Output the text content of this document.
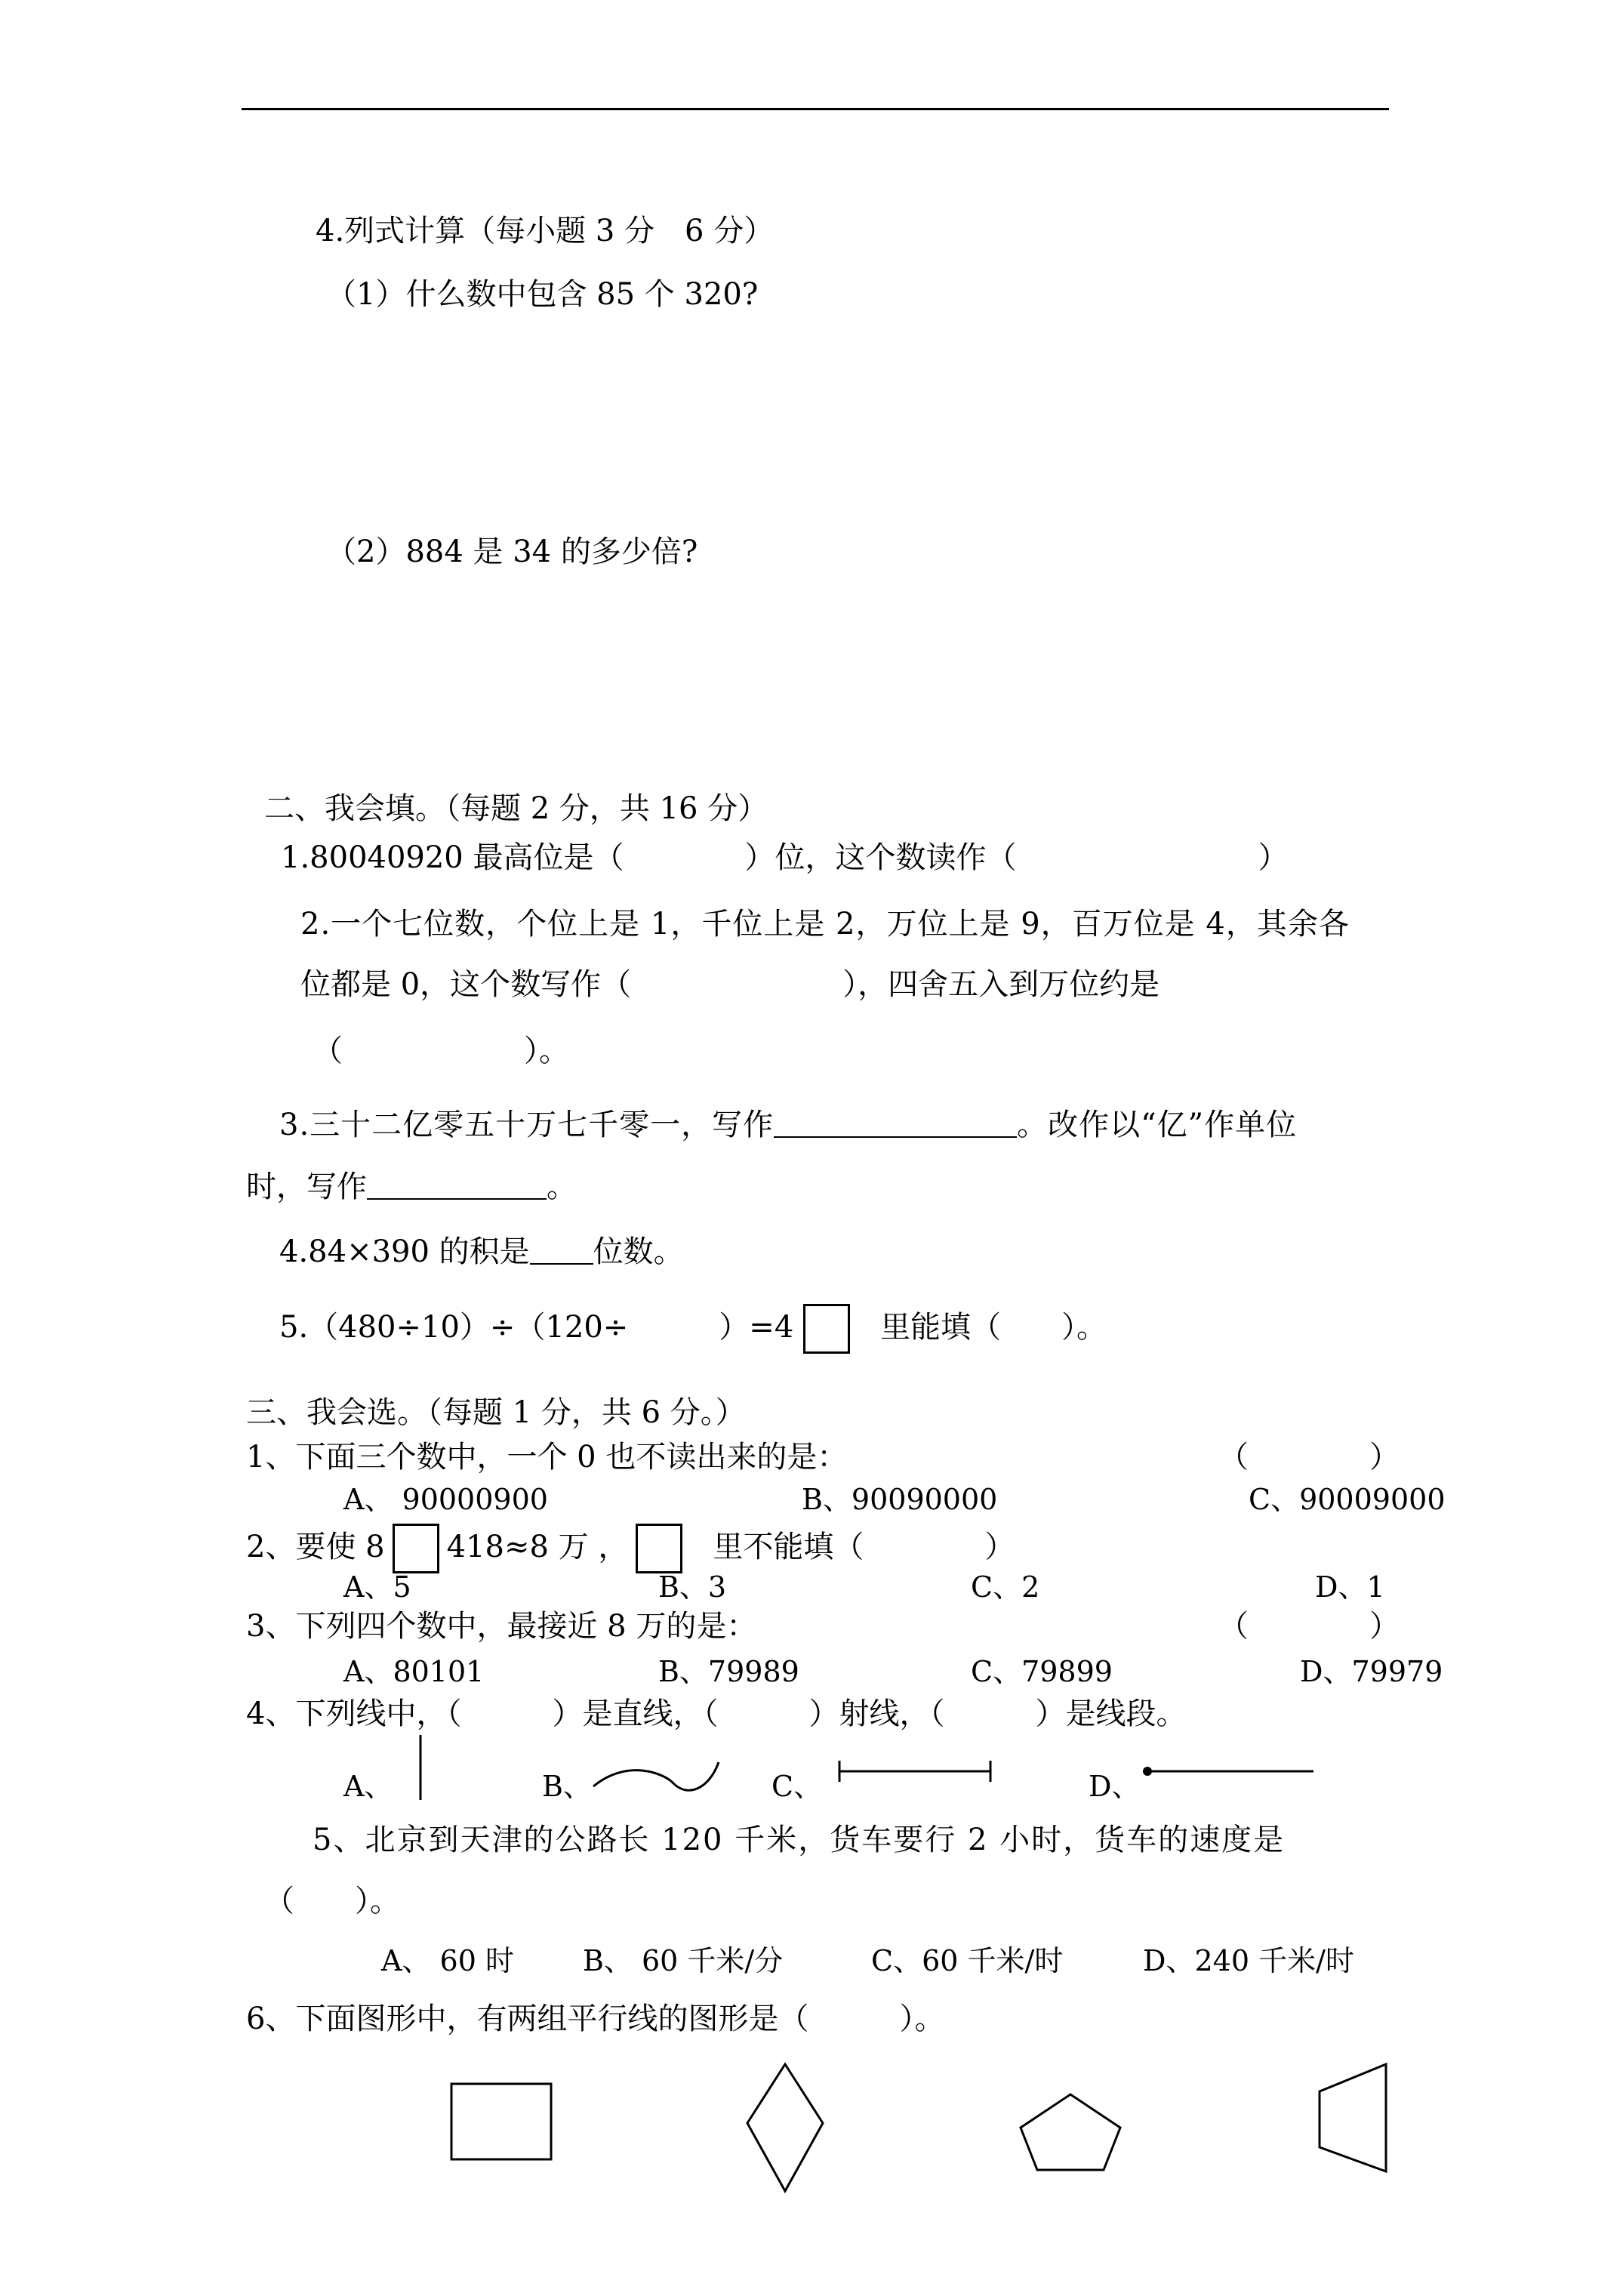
4.列式计算（每小题 3 分　6 分）
（1）什么数中包含 85 个 320?
（2）884 是 34 的多少倍?
二、我会填。（每题 2 分，共 16 分）
1.80040920 最高位是（　　　　）位，这个数读作（　　　　　　　　）
2.一个七位数，个位上是 1，千位上是 2，万位上是 9，百万位是 4，其余各
位都是 0，这个数写作（　　　　　　　），四舍五入到万位约是
（　　　　　　）。
3.三十二亿零五十万七千零一，写作	。改作以“亿”作单位
时，写作	。
4.84×390 的积是 位数。
5.（480÷10）÷（120÷　　　）=4 　里能填（　　）。
三、我会选。（每题 1 分，共 6 分。）
1、下面三个数中，一个 0 也不读出来的是：	（　　　　）
A、 90000900	B、90090000	C、90009000
2、要使 8 418≈8 万 ，	里不能填（　　　　）
A、5	B、3	C、2	D、1
3、下列四个数中，最接近 8 万的是：	（　　　　）
A、80101	B、79989	C、79899	D、79979
4、下列线中，（　　　）是直线，（　　　）射线，（　　　）是线段。
A、	B、	C、	D、
5、北京到天津的公路长 120 千米，货车要行 2 小时，货车的速度是
（　　）。
A、 60 时 B、 60 千米/分	C、60 千米/时	D、240 千米/时
6、下面图形中，有两组平行线的图形是（　　　）。
